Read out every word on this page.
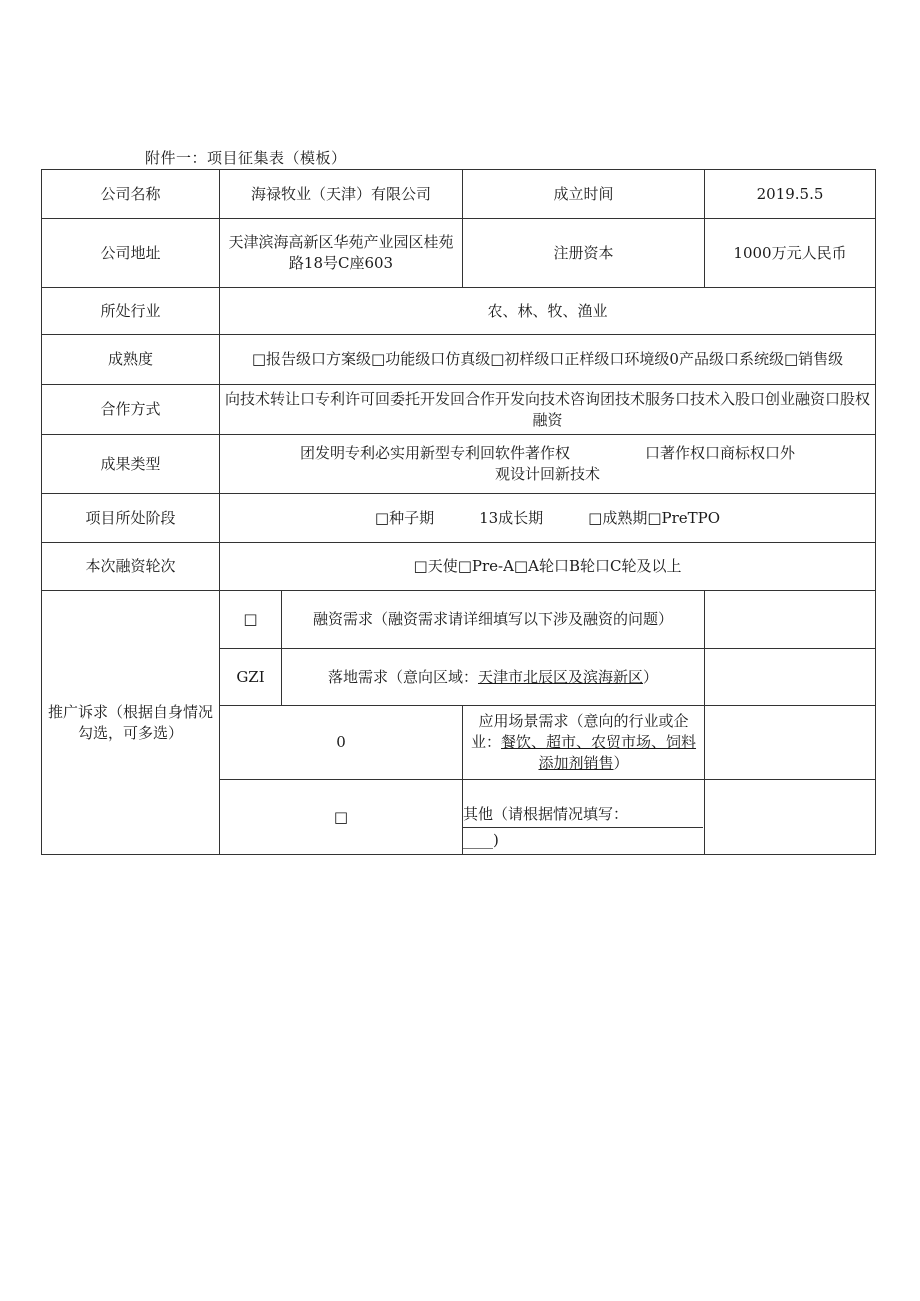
附件一：项目征集表（模板）
公司名称	海禄牧业（天津）有限公司		成立时间	2019.5.5
公司地址	天津滨海高新区华苑产业园区桂苑路18号C座603		注册资本	1000万元人民币
所处行业	农、林、牧、渔业			
成熟度	□报告级口方案级□功能级口仿真级□初样级口正样级口环境级0产品级口系统级□销售级			
合作方式	向技术转让口专利许可回委托开发回合作开发向技术咨询团技术服务口技术入股口创业融资口股权融资			
成果类型	团发明专利必实用新型专利回软件著作权　　　　　口著作权口商标权口外
观设计回新技术			

项目所处阶段	□种子期　　　13成长期　　　□成熟期□PreTPO			
本次融资轮次	□天使□Pre-A□A轮口B轮口C轮及以上			
推广诉求（根据自身情况勾选，可多选）	□	融资需求（融资需求请详细填写以下涉及融资的问题）		
	GZI	落地需求（意向区域：天津市北辰区及滨海新区）		
	0		应用场景需求（意向的行业或企业：餐饮、超市、农贸市场、饲料添加剂销售）	
	□		其他（请根据情况填写：
____)	
